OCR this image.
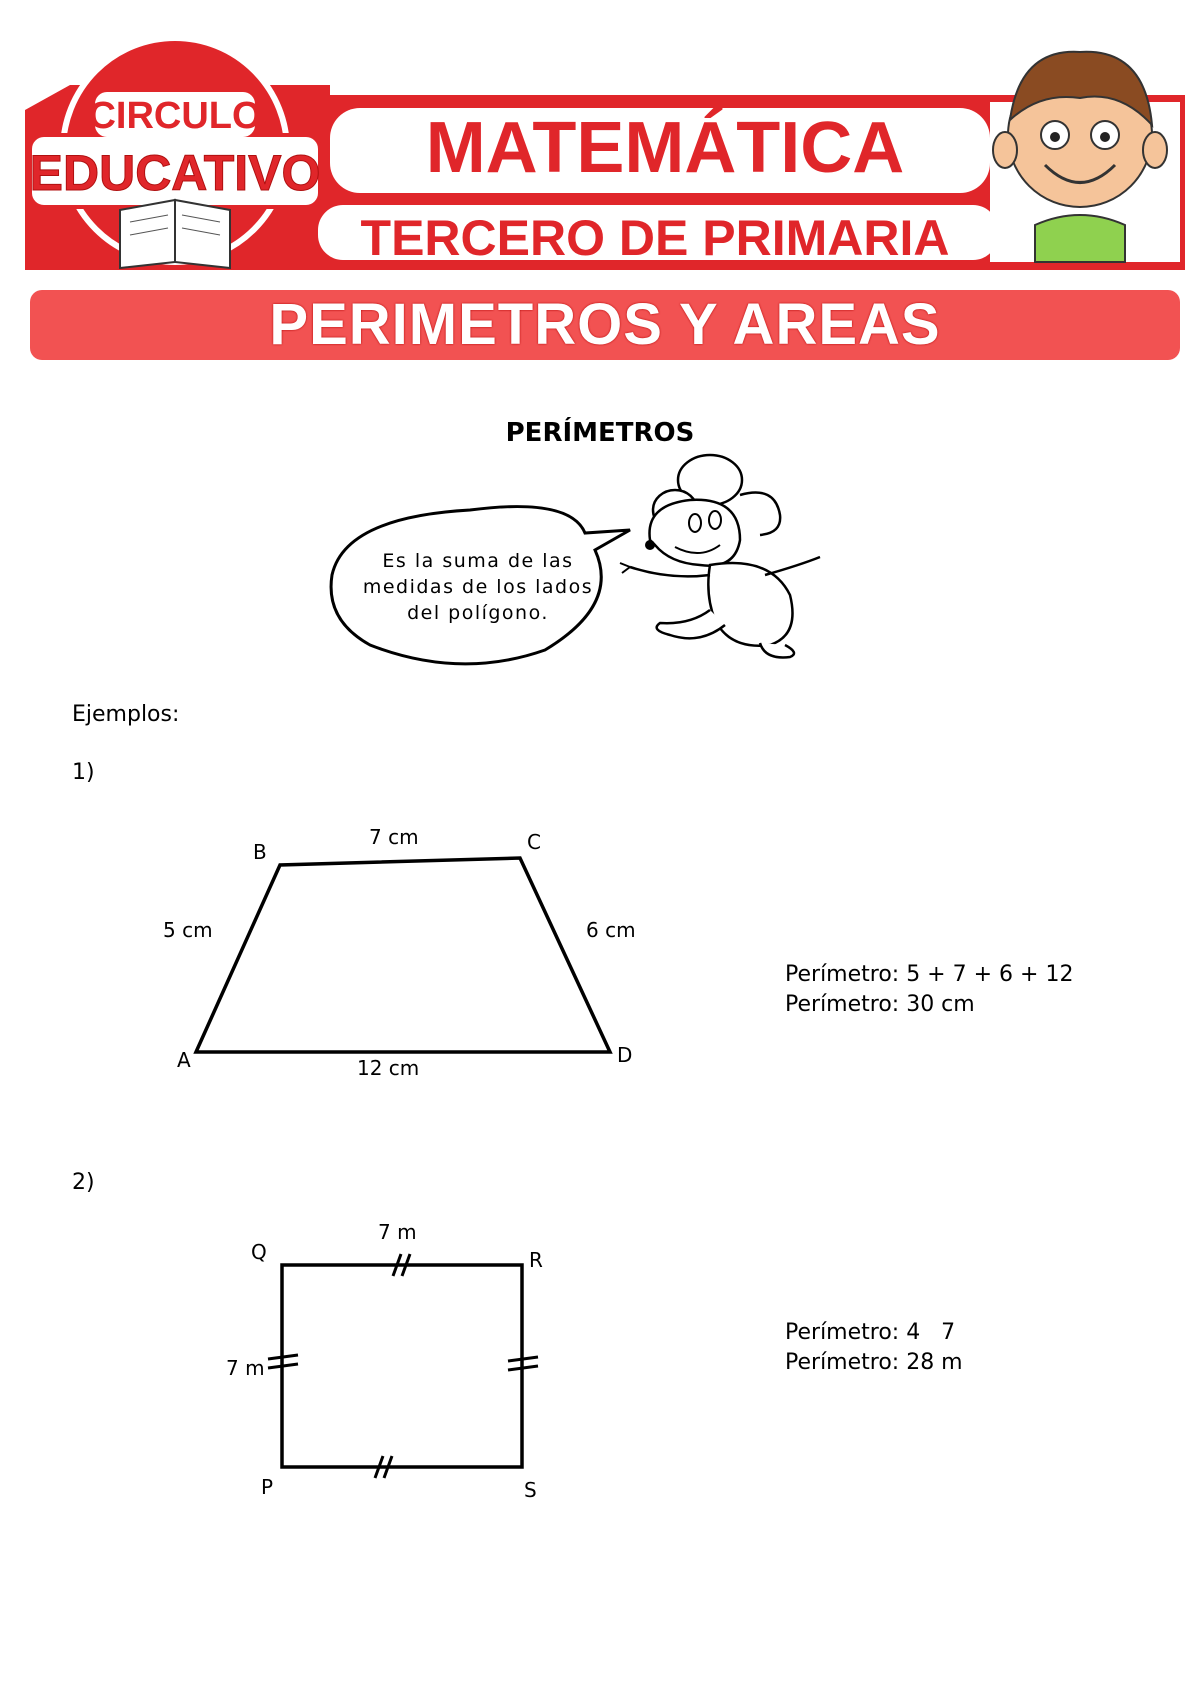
CIRCULO
EDUCATIVO MATEMÁTICA
TERCERO DE PRIMARIA
PERIMETROS Y AREAS
PERÍMETROS
Es la suma de las
medidas de los lados
del polígono.
Ejemplos:
1)
A
B	C
D
5 cm
7 cm
6 cm
12 cm
Perímetro: 5 + 7 + 6 + 12
Perímetro: 30 cm
2)
Q	R
P	S
7 m
7 m
Perímetro: 4   7
Perímetro: 28 m
